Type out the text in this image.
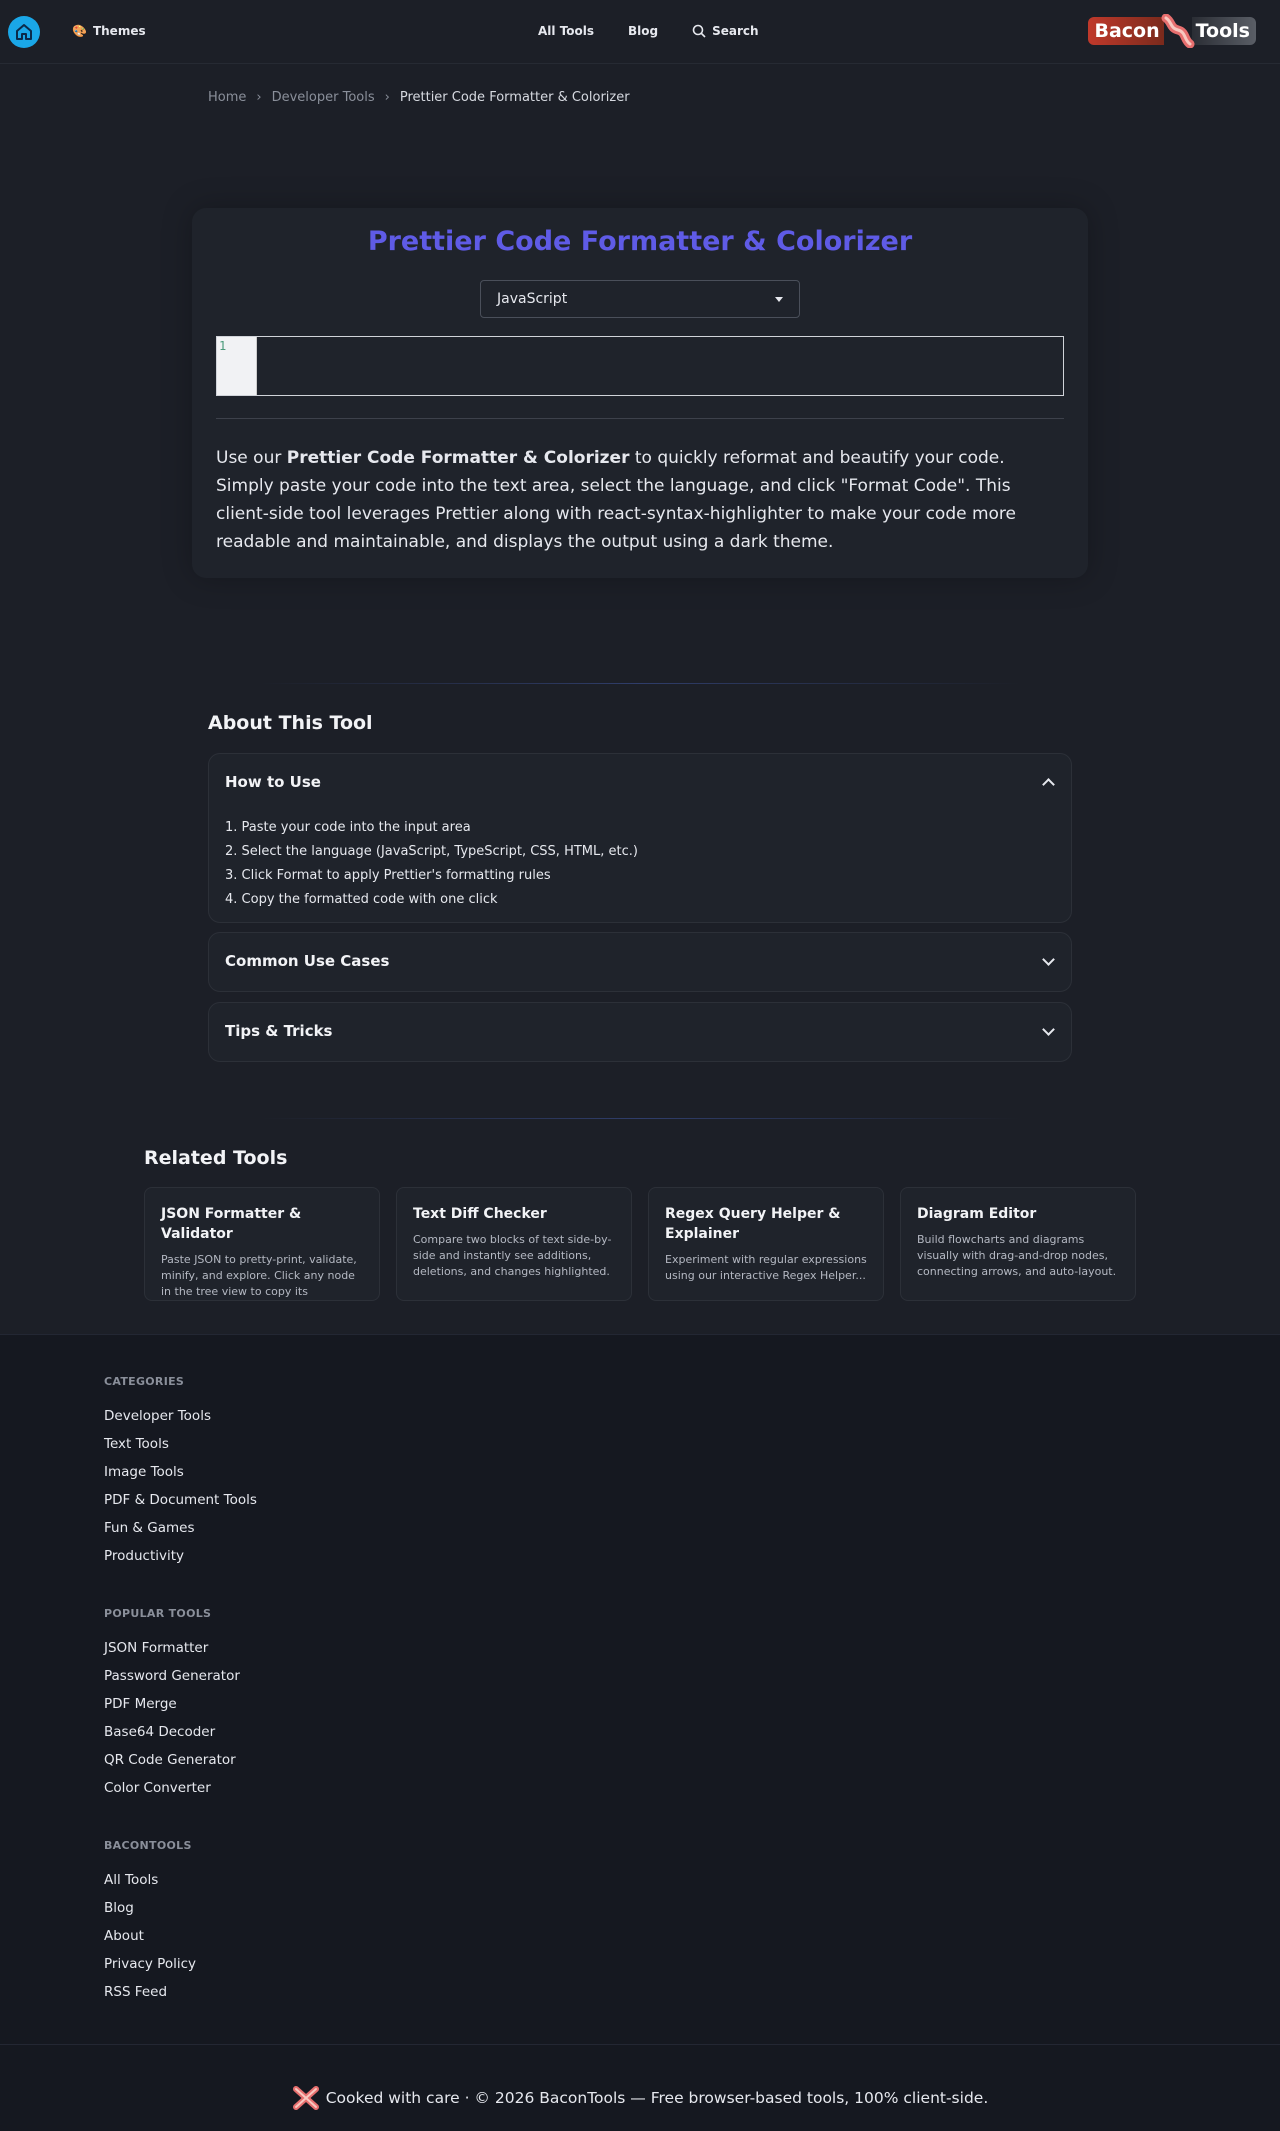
🎨 Themes	All Tools	Blog	Search	Bacon Tools
Home › Developer Tools › Prettier Code Formatter & Colorizer
Prettier Code Formatter & Colorizer
JavaScript
1

Use our Prettier Code Formatter & Colorizer to quickly reformat and beautify your code. Simply paste your code into the text area, select the language, and click "Format Code". This client-side tool leverages Prettier along with react-syntax-highlighter to make your code more readable and maintainable, and displays the output using a dark theme.

About This Tool
How to Use
1. Paste your code into the input area
2. Select the language (JavaScript, TypeScript, CSS, HTML, etc.)
3. Click Format to apply Prettier's formatting rules
4. Copy the formatted code with one click
Common Use Cases
Tips & Tricks
Related Tools
JSON Formatter & Validator
Paste JSON to pretty-print, validate, minify, and explore. Click any node in the tree view to copy its
Text Diff Checker
Compare two blocks of text side-by-side and instantly see additions, deletions, and changes highlighted.
Regex Query Helper & Explainer
Experiment with regular expressions using our interactive Regex Helper...
Diagram Editor
Build flowcharts and diagrams visually with drag-and-drop nodes, connecting arrows, and auto-layout.
CATEGORIES
Developer Tools
Text Tools
Image Tools
PDF & Document Tools
Fun & Games
Productivity
POPULAR TOOLS
JSON Formatter
Password Generator
PDF Merge
Base64 Decoder
QR Code Generator
Color Converter
BACONTOOLS
All Tools
Blog
About
Privacy Policy
RSS Feed
Cooked with care · © 2026 BaconTools — Free browser-based tools, 100% client-side.
